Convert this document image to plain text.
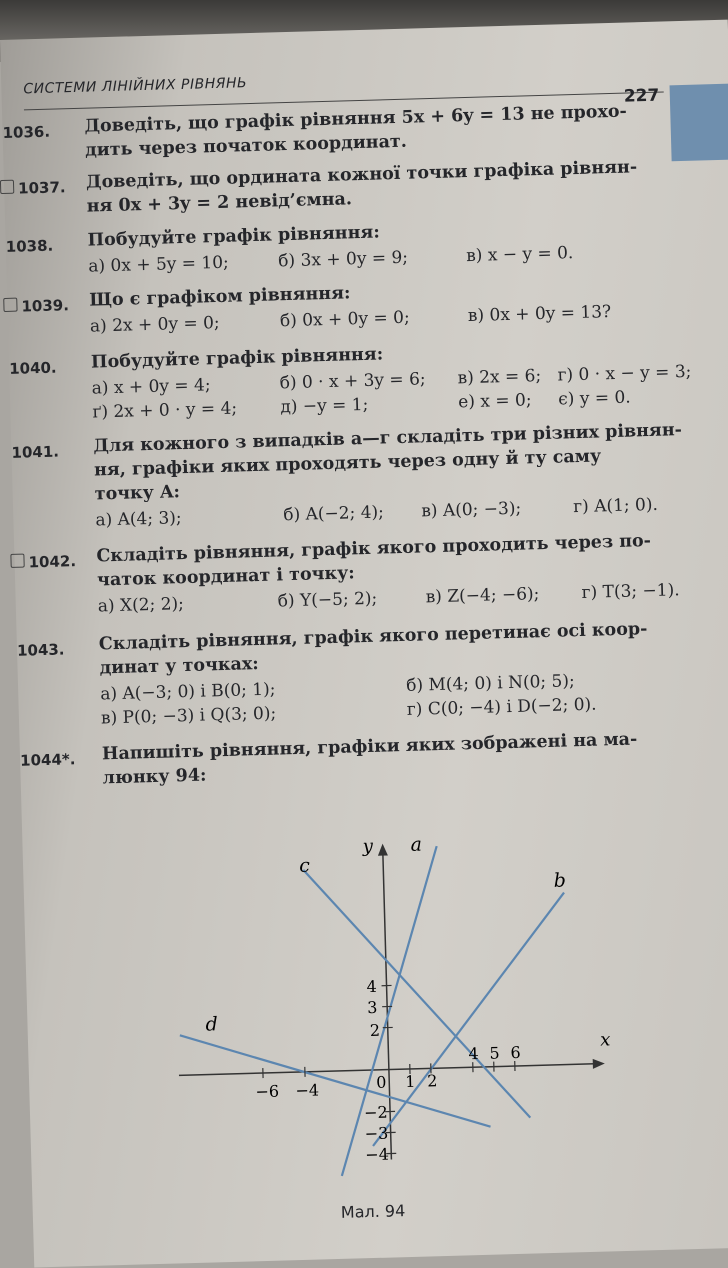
СИСТЕМИ ЛІНІЙНИХ РІВНЯНЬ	227
1036. Доведіть, що графік рівняння 5x + 6y = 13 не прохо-
дить через початок координат.
1037. Доведіть, що ордината кожної точки графіка рівнян-
ня 0x + 3y = 2 невід’ємна.
1038. Побудуйте графік рівняння:
а) 0x + 5y = 10;	б) 3x + 0y = 9;	в) x − y = 0.
1039. Що є графіком рівняння:
а) 2x + 0y = 0;	б) 0x + 0y = 0;	в) 0x + 0y = 13?
1040. Побудуйте графік рівняння:
а) x + 0y = 4;	б) 0 · x + 3y = 6; в) 2x = 6; г) 0 · x − y = 3;
ґ) 2x + 0 · y = 4;	д) −y = 1;	е) x = 0; є) y = 0.
1041. Для кожного з випадків а—г складіть три різних рівнян-
ня, графіки яких проходять через одну й ту саму
точку A:
а) A(4; 3);	б) A(−2; 4); в) A(0; −3);	г) A(1; 0).
1042. Складіть рівняння, графік якого проходить через по-
чаток координат і точку:
а) X(2; 2);	б) Y(−5; 2);	в) Z(−4; −6); г) T(3; −1).
1043. Складіть рівняння, графік якого перетинає осі коор-
динат у точках:
а) A(−3; 0) і B(0; 1);	б) M(4; 0) і N(0; 5);
в) P(0; −3) і Q(3; 0);	г) C(0; −4) і D(−2; 0).
1044*. Напишіть рівняння, графіки яких зображені на ма-
люнку 94:
x
y
−6 −4	0 1 2
4 5 6
4
3
2
−2
−3
−4
a
b
c
d
Мал. 94
